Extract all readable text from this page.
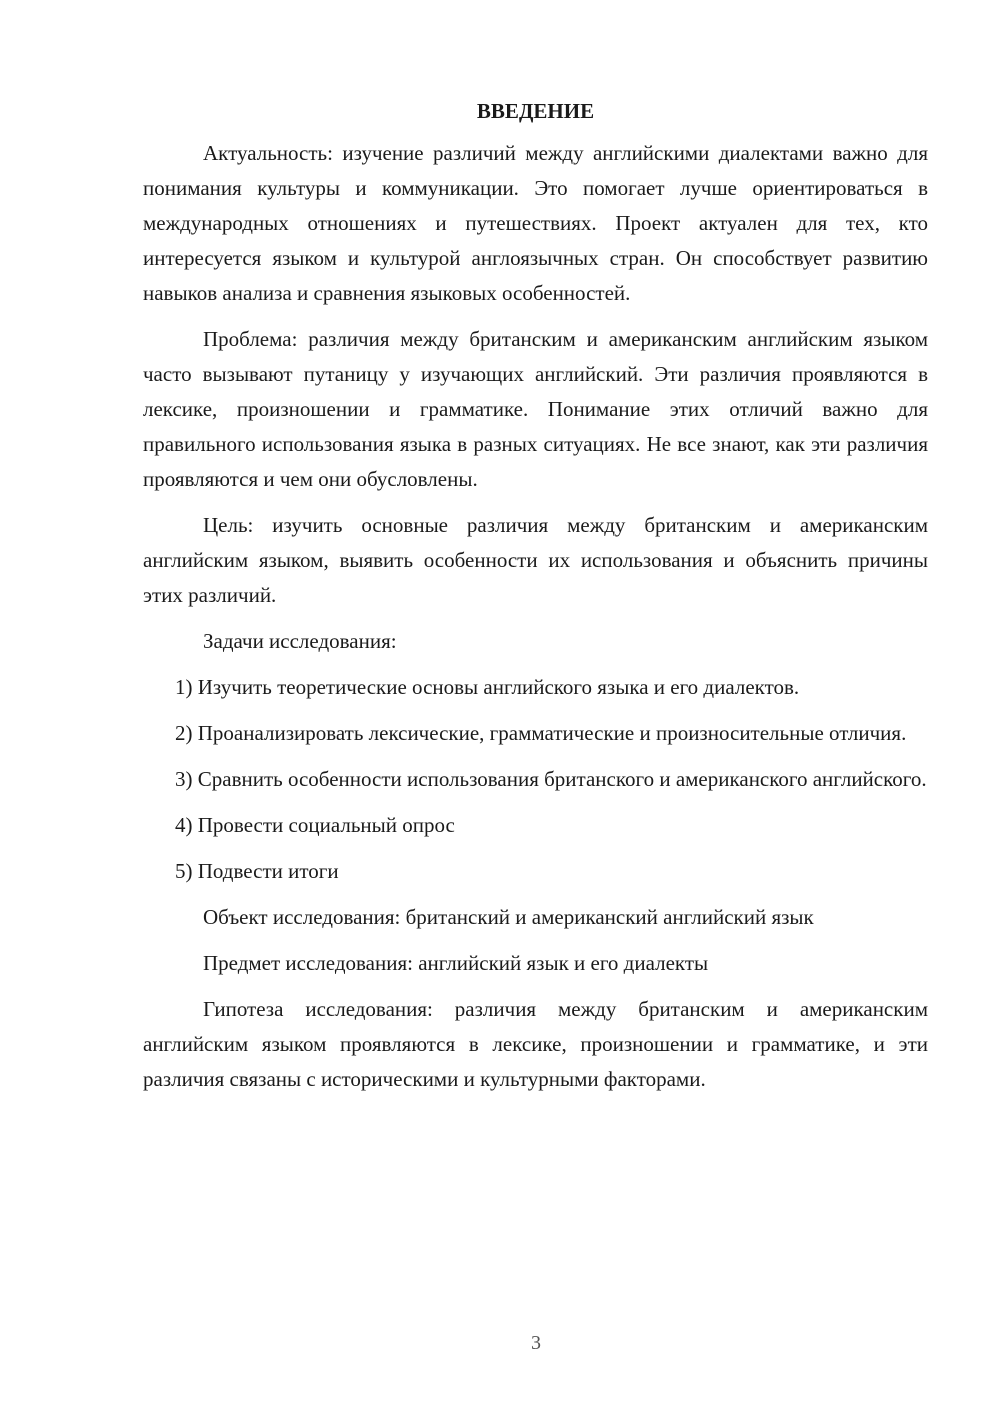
ВВЕДЕНИЕ

Актуальность: изучение различий между английскими диалектами важно для понимания культуры и коммуникации. Это помогает лучше ориентироваться в международных отношениях и путешествиях. Проект актуален для тех, кто интересуется языком и культурой англоязычных стран. Он способствует развитию навыков анализа и сравнения языковых особенностей.

Проблема: различия между британским и американским английским языком часто вызывают путаницу у изучающих английский. Эти различия проявляются в лексике, произношении и грамматике. Понимание этих отличий важно для правильного использования языка в разных ситуациях. Не все знают, как эти различия проявляются и чем они обусловлены.

Цель: изучить основные различия между британским и американским английским языком, выявить особенности их использования и объяснить причины этих различий.

Задачи исследования:

1) Изучить теоретические основы английского языка и его диалектов.

2) Проанализировать лексические, грамматические и произносительные отличия.

3) Сравнить особенности использования британского и американского английского.

4) Провести социальный опрос

5) Подвести итоги

Объект исследования: британский и американский английский язык

Предмет исследования: английский язык и его диалекты

Гипотеза исследования: различия между британским и американским английским языком проявляются в лексике, произношении и грамматике, и эти различия связаны с историческими и культурными факторами.

3
